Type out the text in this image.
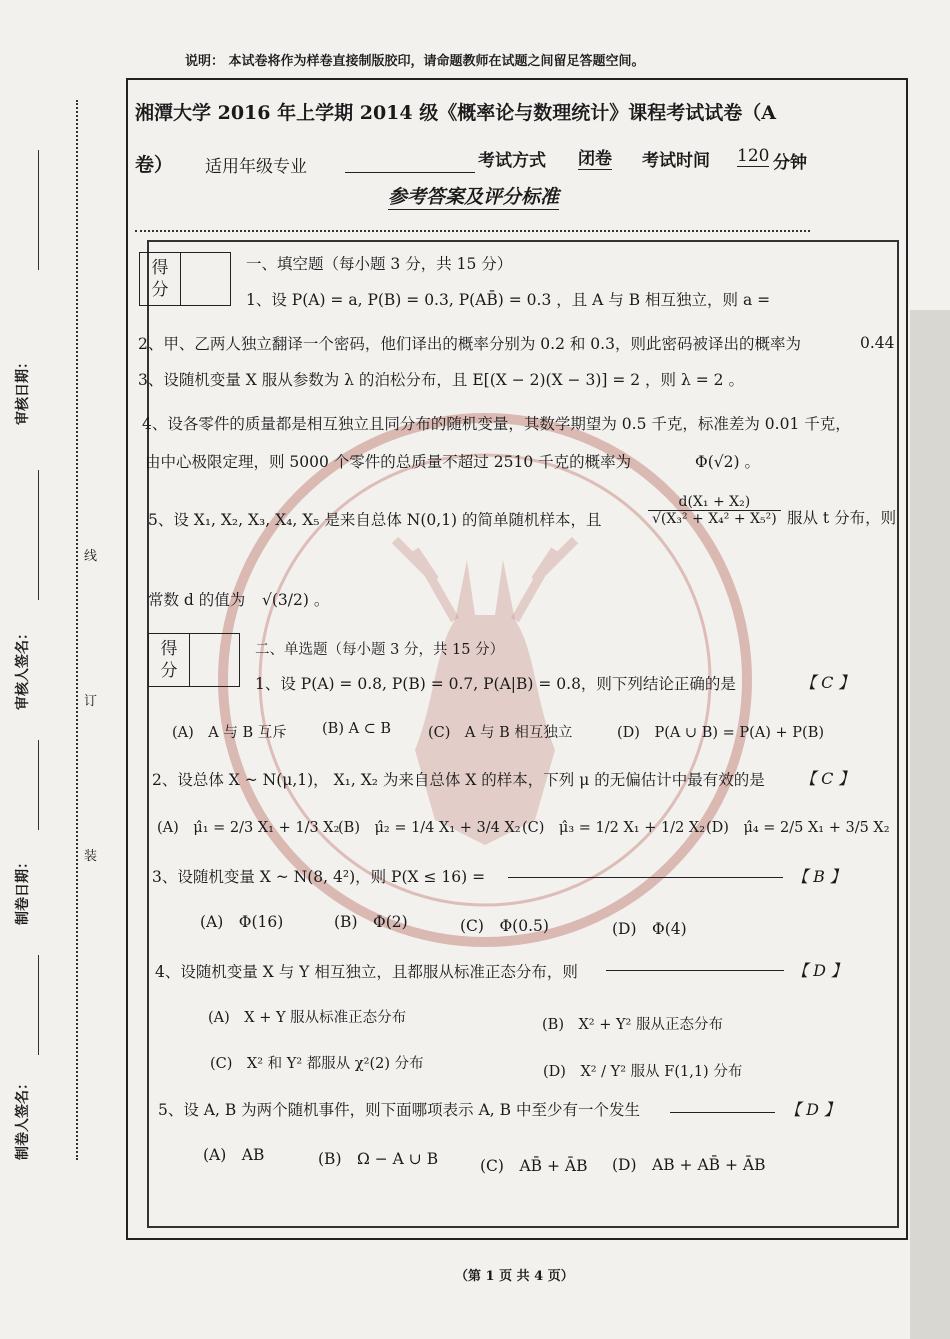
说明： 本试卷将作为样卷直接制版胶印，请命题教师在试题之间留足答题空间。
审核日期：
审核人签名：
制卷日期：
制卷人签名：
线
订
装
湘潭大学 2016 年上学期 2014 级《概率论与数理统计》课程考试试卷（A
卷） 适用年级专业	考试方式 闭卷 考试时间 120 分钟
参考答案及评分标准
得
分
一、填空题（每小题 3 分，共 15 分）
1、设 P(A) = a, P(B) = 0.3, P(AB̄) = 0.3 ，且 A 与 B 相互独立，则 a =
2、甲、乙两人独立翻译一个密码，他们译出的概率分别为 0.2 和 0.3，则此密码被译出的概率为	0.44
3、设随机变量 X 服从参数为 λ 的泊松分布，且 E[(X − 2)(X − 3)] = 2 ，则 λ = 2 。
4、设各零件的质量都是相互独立且同分布的随机变量，其数学期望为 0.5 千克，标准差为 0.01 千克，
由中心极限定理，则 5000 个零件的总质量不超过 2510 千克的概率为	Φ(√2) 。
5、设 X₁, X₂, X₃, X₄, X₅ 是来自总体 N(0,1) 的简单随机样本，且	$\frac{\text{d(X₁ + X₂)}}{\text{√(X₃² + X₄² + X₅²)}}$ 服从 t 分布，则
常数 d 的值为 √(3/2) 。
得
分
二、单选题（每小题 3 分，共 15 分）
1、设 P(A) = 0.8, P(B) = 0.7, P(A|B) = 0.8，则下列结论正确的是	【 C 】
(A)　A 与 B 互斥 (B) A ⊂ B	(C)　A 与 B 相互独立	(D)　P(A ∪ B) = P(A) + P(B)
2、设总体 X ~ N(μ,1)， X₁, X₂ 为来自总体 X 的样本，下列 μ 的无偏估计中最有效的是 【 C 】
(A)　μ̂₁ = 2/3 X₁ + 1/3 X₂
(B)　μ̂₂ = 1/4 X₁ + 3/4 X₂ (C)　μ̂₃ = 1/2 X₁ + 1/2 X₂ (D)　μ̂₄ = 2/5 X₁ + 3/5 X₂
3、设随机变量 X ~ N(8, 4²)，则 P(X ≤ 16) =	【 B 】
(A)　Φ(16)	(B)　Φ(2)	(C)　Φ(0.5)	(D)　Φ(4)
4、设随机变量 X 与 Y 相互独立，且都服从标准正态分布，则	【 D 】
(A)　X + Y 服从标准正态分布	(B)　X² + Y² 服从正态分布
(C)　X² 和 Y² 都服从 χ²(2) 分布	(D)　X² / Y² 服从 F(1,1) 分布
5、设 A, B 为两个随机事件，则下面哪项表示 A, B 中至少有一个发生	【 D 】
(A)　AB	(B)　Ω − A ∪ B	(C)　AB̄ + ĀB (D)　AB + AB̄ + ĀB
（第 1 页 共 4 页）
